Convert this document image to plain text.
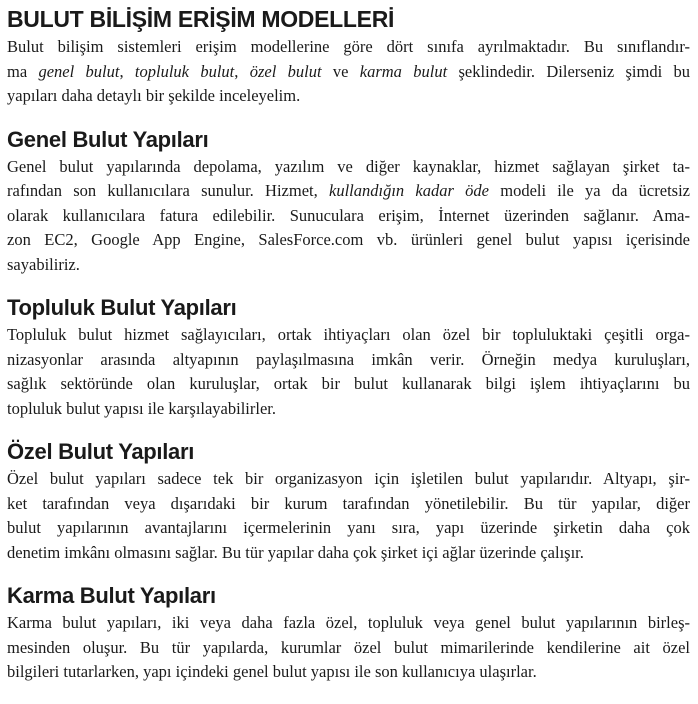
BULUT BİLİŞİM ERİŞİM MODELLERİ

Bulut bilişim sistemleri erişim modellerine göre dört sınıfa ayrılmaktadır. Bu sınıflandır-
ma genel bulut, topluluk bulut, özel bulut ve karma bulut şeklindedir. Dilerseniz şimdi bu
yapıları daha detaylı bir şekilde inceleyelim.

Genel Bulut Yapıları

Genel bulut yapılarında depolama, yazılım ve diğer kaynaklar, hizmet sağlayan şirket ta-
rafından son kullanıcılara sunulur. Hizmet, kullandığın kadar öde modeli ile ya da ücretsiz
olarak kullanıcılara fatura edilebilir. Sunuculara erişim, İnternet üzerinden sağlanır. Ama-
zon EC2, Google App Engine, SalesForce.com vb. ürünleri genel bulut yapısı içerisinde
sayabiliriz.

Topluluk Bulut Yapıları

Topluluk bulut hizmet sağlayıcıları, ortak ihtiyaçları olan özel bir topluluktaki çeşitli orga-
nizasyonlar arasında altyapının paylaşılmasına imkân verir. Örneğin medya kuruluşları,
sağlık sektöründe olan kuruluşlar, ortak bir bulut kullanarak bilgi işlem ihtiyaçlarını bu
topluluk bulut yapısı ile karşılayabilirler.

Özel Bulut Yapıları

Özel bulut yapıları sadece tek bir organizasyon için işletilen bulut yapılarıdır. Altyapı, şir-
ket tarafından veya dışarıdaki bir kurum tarafından yönetilebilir. Bu tür yapılar, diğer
bulut yapılarının avantajlarını içermelerinin yanı sıra, yapı üzerinde şirketin daha çok
denetim imkânı olmasını sağlar. Bu tür yapılar daha çok şirket içi ağlar üzerinde çalışır.

Karma Bulut Yapıları

Karma bulut yapıları, iki veya daha fazla özel, topluluk veya genel bulut yapılarının birleş-
mesinden oluşur. Bu tür yapılarda, kurumlar özel bulut mimarilerinde kendilerine ait özel
bilgileri tutarlarken, yapı içindeki genel bulut yapısı ile son kullanıcıya ulaşırlar.
